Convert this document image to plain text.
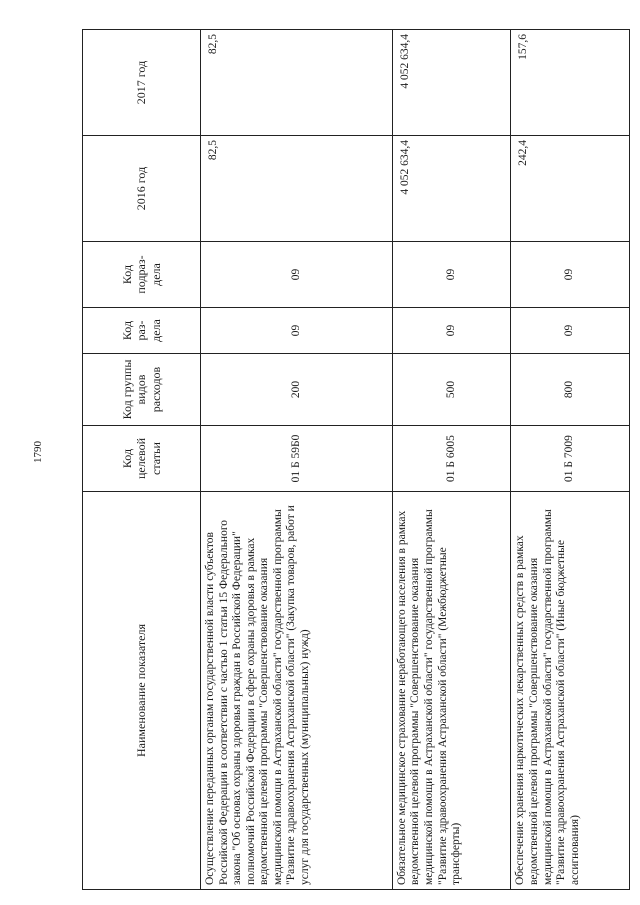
1790
Наименование показателя	Код целевой статьи	Код группы видов расходов	Код раз-дела	Код подраз-дела	2016 год	2017 год
Осуществление переданных органам государственной власти субъектов Российской Федерации в соответствии с частью 1 статьи 15 Федерального закона "Об основах охраны здоровья граждан в Российской Федерации" полномочий Российской Федерации в сфере охраны здоровья в рамках ведомственной целевой программы "Совершенствование оказания медицинской помощи в Астраханской области" государственной программы "Развитие здравоохранения Астраханской области" (Закупка товаров, работ и услуг для государственных (муниципальных) нужд)	01 Б 59Б0	200	09	09	82,5	82,5
Обязательное медицинское страхование неработающего населения в рамках ведомственной целевой программы "Совершенствование оказания медицинской помощи в Астраханской области" государственной программы "Развитие здравоохранения Астраханской области" (Межбюджетные трансферты)	01 Б 6005	500	09	09	4 052 634,4	4 052 634,4
Обеспечение хранения наркотических лекарственных средств в рамках ведомственной целевой программы "Совершенствование оказания медицинской помощи в Астраханской области" государственной программы "Развитие здравоохранения Астраханской области" (Иные бюджетные ассигнования)	01 Б 7009	800	09	09	242,4	157,6
